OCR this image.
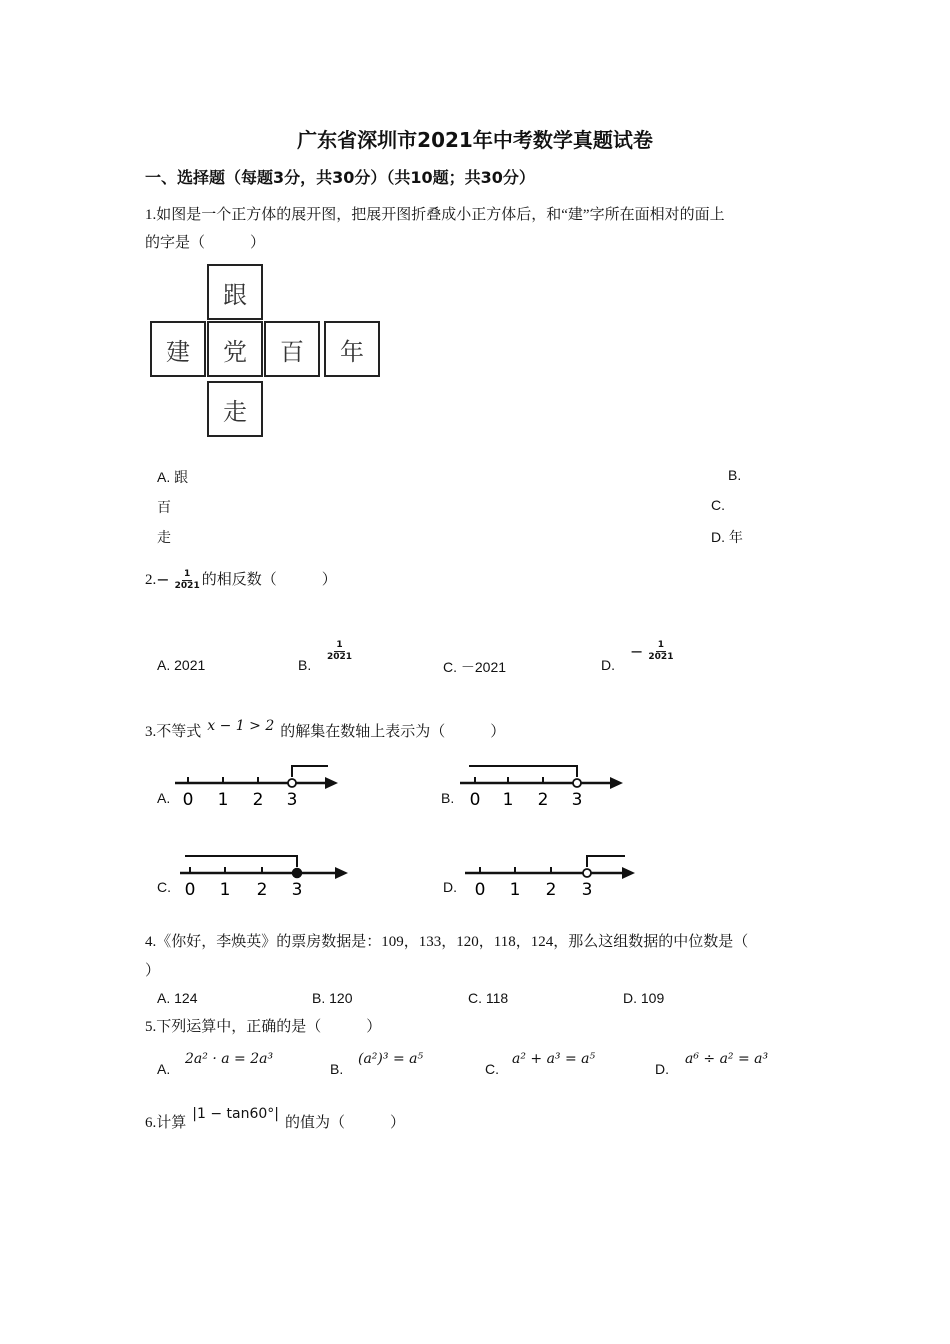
广东省深圳市2021年中考数学真题试卷
一、选择题（每题3分，共30分）（共10题；共30分）
1.如图是一个正方体的展开图，把展开图折叠成小正方体后，和“建”字所在面相对的面上
的字是（　　　）
跟
建	党	百	年
走
A. 跟	B.
百	C.
走	D. 年
2. − $\frac{1}{2021}$ 的相反数（　　　）
A. 2021	B.
$\frac{1}{2021}$
C. －2021	D.
− $\frac{1}{2021}$
3.不等式 x − 1 > 2 的解集在数轴上表示为（　　　）
A.	B.
C.	D.
0 1 2 3	0 1 2 3
0 1 2 3	0 1 2 3
4.《你好，李焕英》的票房数据是：109，133，120，118，124，那么这组数据的中位数是（
）
A. 124	B. 120	C. 118	D. 109
5.下列运算中，正确的是（　　　）
A.
2a² · a = 2a³
B.
(a²)³ = a⁵
C.
a² + a³ = a⁵
D.
a⁶ ÷ a² = a³
6.计算
|1 − tan60°|
的值为（　　　）
